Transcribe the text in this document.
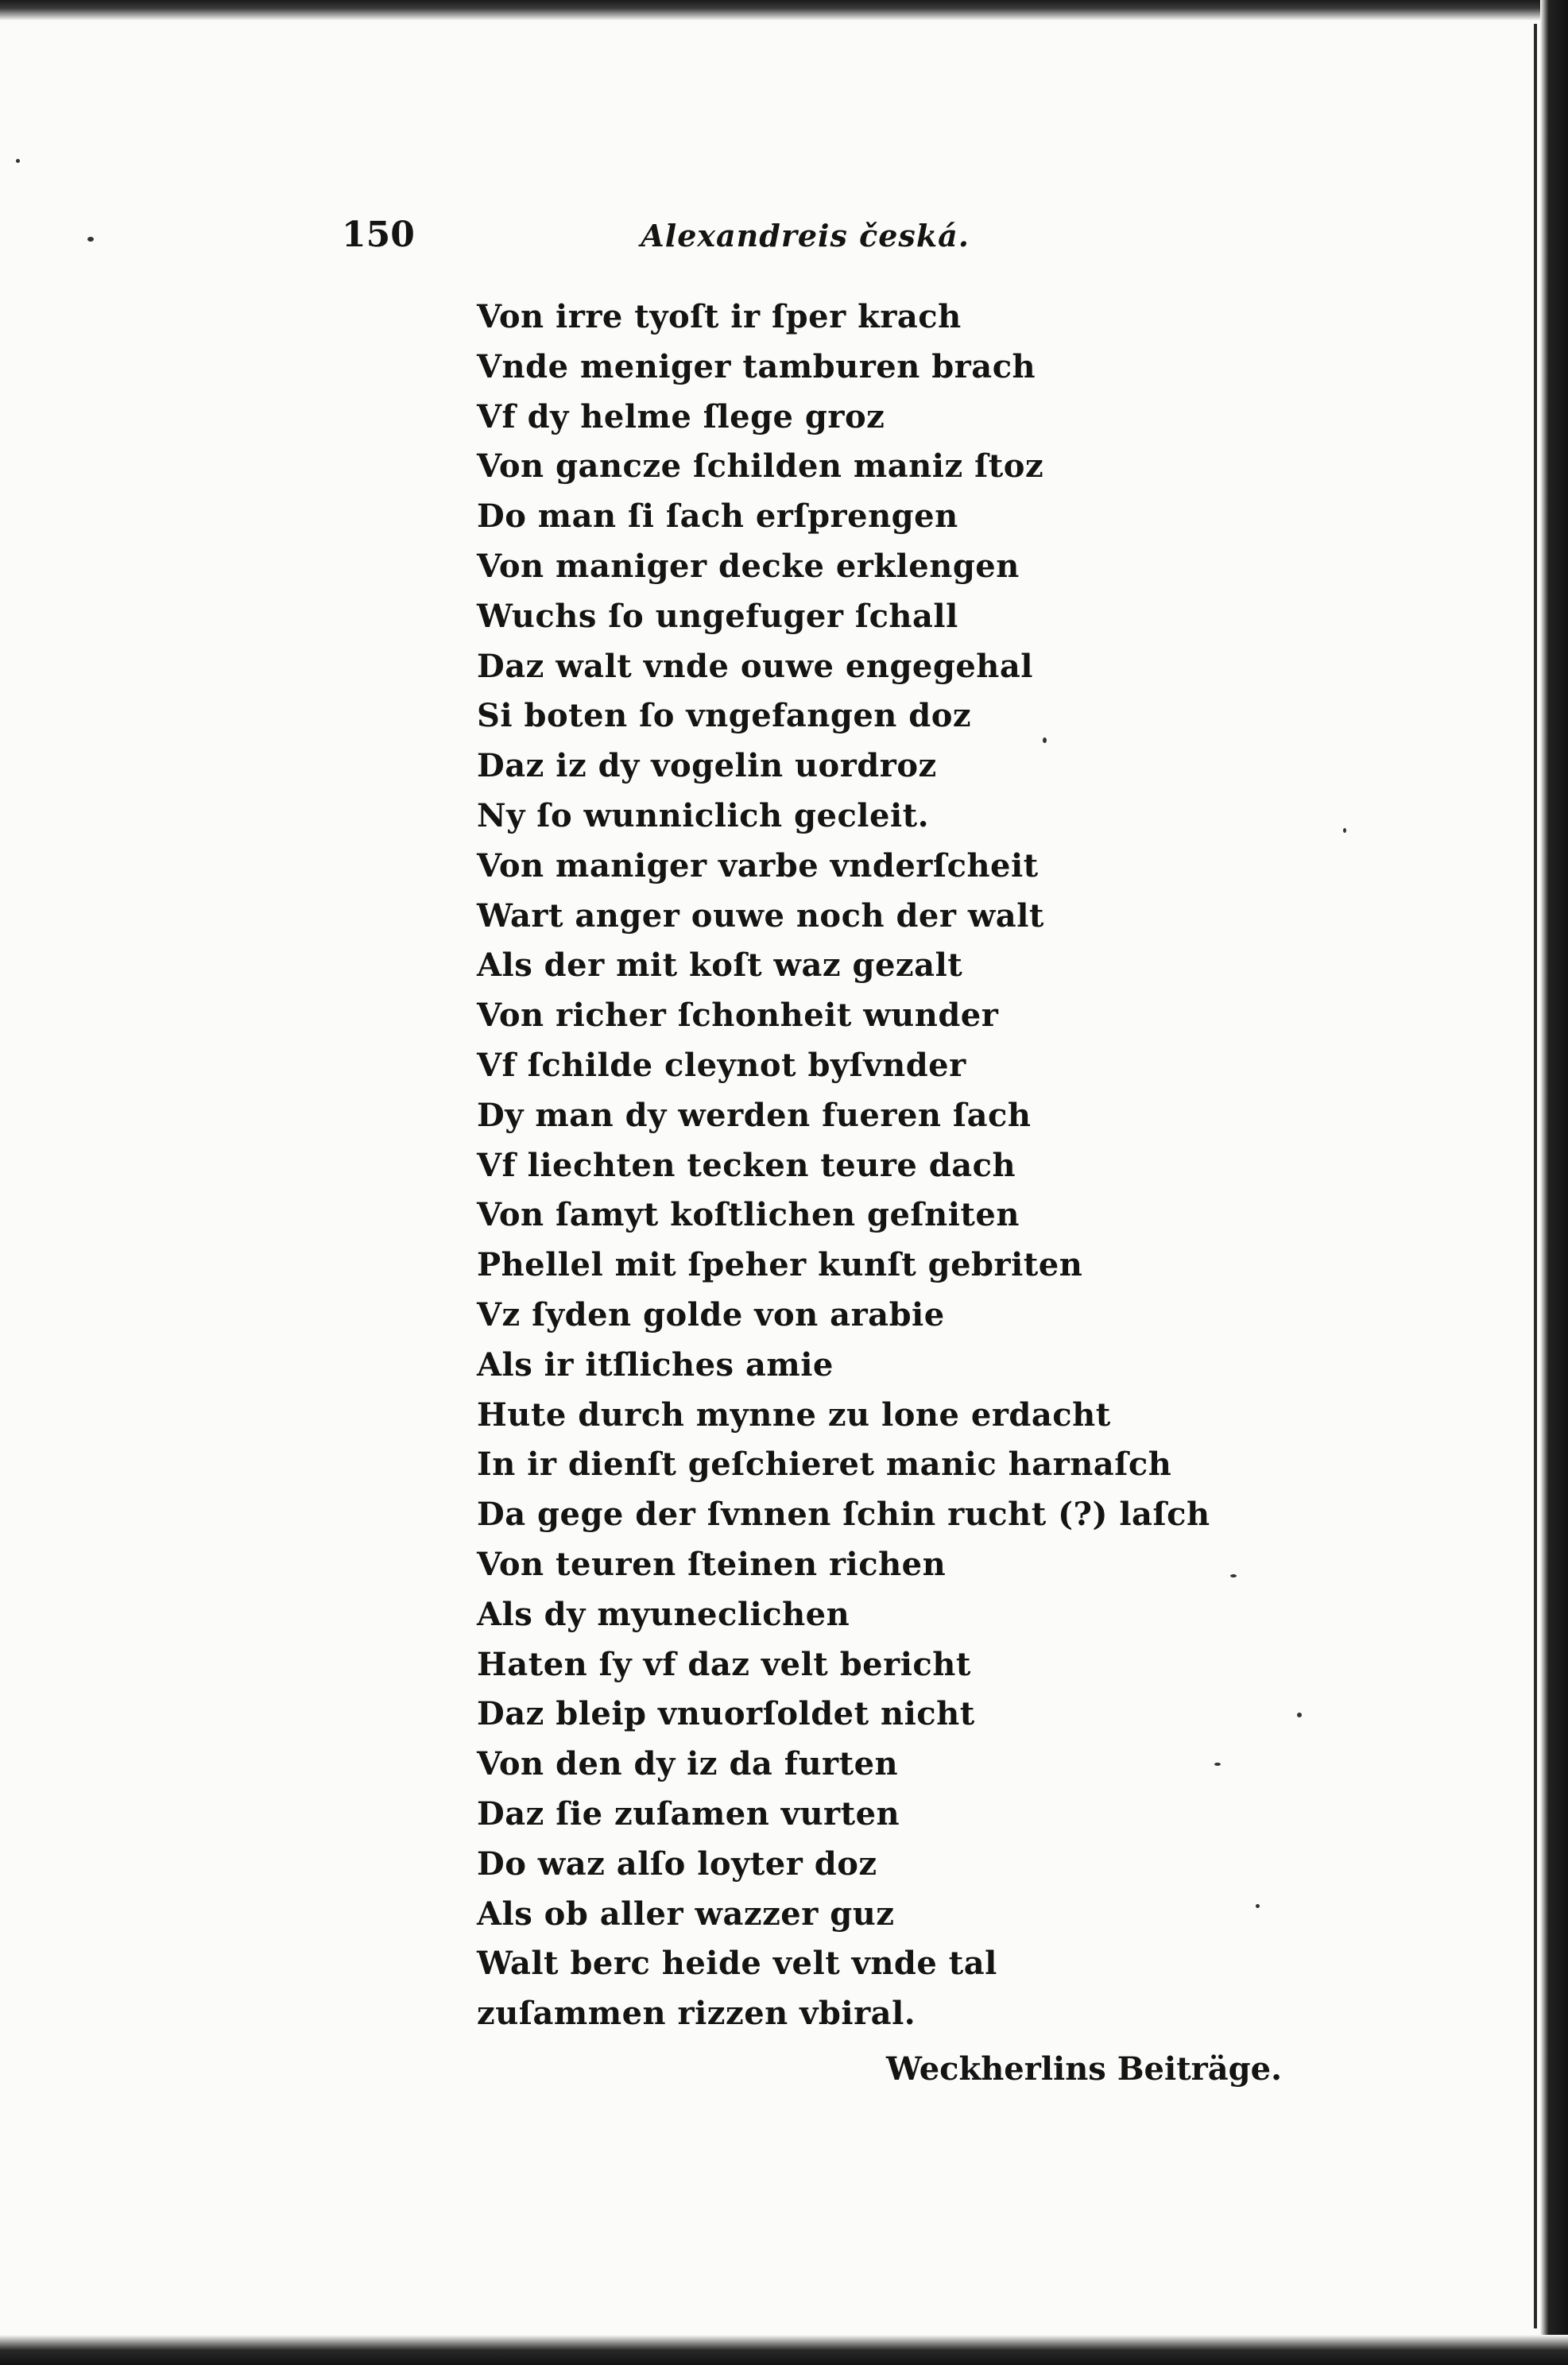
150	Alexandreis česká.
Von irre tyoſt ir ſper krach
Vnde meniger tamburen brach
Vf dy helme ſlege groz
Von gancze ſchilden maniz ſtoz
Do man ſi ſach erſprengen
Von maniger decke erklengen
Wuchs ſo ungefuger ſchall
Daz walt vnde ouwe engegehal
Si boten ſo vngefangen doz
Daz iz dy vogelin uordroz
Ny ſo wunniclich gecleit.
Von maniger varbe vnderſcheit
Wart anger ouwe noch der walt
Als der mit koſt waz gezalt
Von richer ſchonheit wunder
Vf ſchilde cleynot byſvnder
Dy man dy werden fueren ſach
Vf liechten tecken teure dach
Von ſamyt koſtlichen geſniten
Phellel mit ſpeher kunſt gebriten
Vz ſyden golde von arabie
Als ir itſliches amie
Hute durch mynne zu lone erdacht
In ir dienſt geſchieret manic harnaſch
Da gege der ſvnnen ſchin rucht (?) laſch
Von teuren ſteinen richen
Als dy myuneclichen
Haten ſy vf daz velt bericht
Daz bleip vnuorſoldet nicht
Von den dy iz da furten
Daz ſie zuſamen vurten
Do waz alſo loyter doz
Als ob aller wazzer guz
Walt berc heide velt vnde tal
zuſammen rizzen vbiral.
Weckherlins Beiträge.
